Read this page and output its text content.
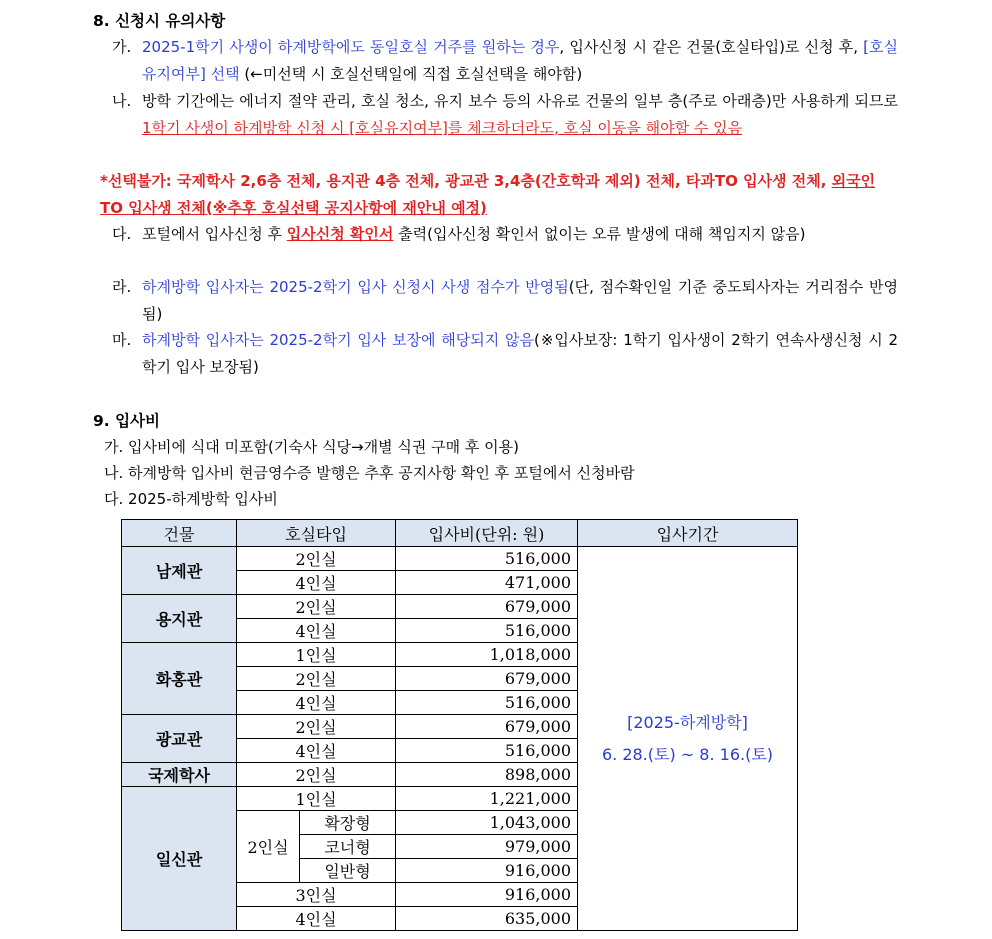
8. 신청시 유의사항
가. 2025-1학기 사생이 하계방학에도 동일호실 거주를 원하는 경우, 입사신청 시 같은 건물(호실타입)로 신청 후, [호실유지여부] 선택 (←미선택 시 호실선택일에 직접 호실선택을 해야함)
나. 방학 기간에는 에너지 절약 관리, 호실 청소, 유지 보수 등의 사유로 건물의 일부 층(주로 아래층)만 사용하게 되므로 1학기 사생이 하계방학 신청 시 [호실유지여부]를 체크하더라도, 호실 이동을 해야할 수 있음
*선택불가: 국제학사 2,6층 전체, 용지관 4층 전체, 광교관 3,4층(간호학과 제외) 전체, 타과TO 입사생 전체, 외국인TO 입사생 전체(※추후 호실선택 공지사항에 재안내 예정)
다. 포털에서 입사신청 후 입사신청 확인서 출력(입사신청 확인서 없이는 오류 발생에 대해 책임지지 않음)
라. 하계방학 입사자는 2025-2학기 입사 신청시 사생 점수가 반영됨(단, 점수확인일 기준 중도퇴사자는 거리점수 반영됨)
마. 하계방학 입사자는 2025-2학기 입사 보장에 해당되지 않음(※입사보장: 1학기 입사생이 2학기 연속사생신청 시 2학기 입사 보장됨)
9. 입사비
가. 입사비에 식대 미포함(기숙사 식당→개별 식권 구매 후 이용)
나. 하계방학 입사비 현금영수증 발행은 추후 공지사항 확인 후 포털에서 신청바람
다. 2025-하계방학 입사비
건물	호실타입		입사비(단위: 원)	입사기간
남제관	2인실		516,000	[2025-하계방학]
6. 28.(토) ~ 8. 16.(토)

	4인실		471,000	
용지관	2인실		679,000	
	4인실		516,000	
화홍관	1인실		1,018,000	
	2인실		679,000	
	4인실		516,000	
광교관	2인실		679,000	
	4인실		516,000	
국제학사	2인실		898,000	
일신관	1인실		1,221,000	
	2인실	확장형	1,043,000	
		코너형	979,000	
		일반형	916,000	
	3인실		916,000	
	4인실		635,000	
